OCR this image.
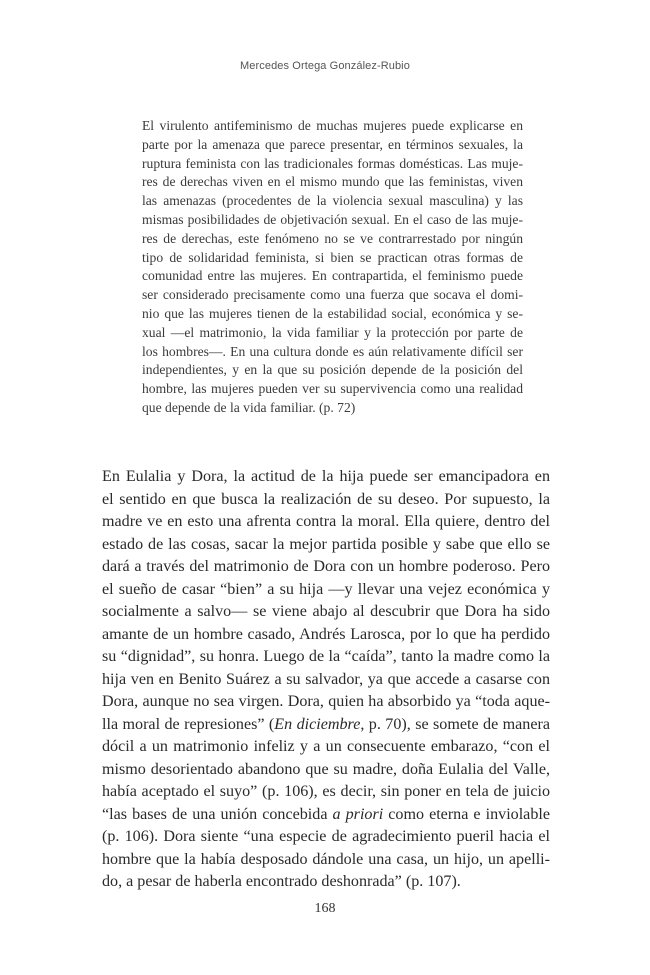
Mercedes Ortega González-Rubio
El virulento antifeminismo de muchas mujeres puede explicarse en
parte por la amenaza que parece presentar, en términos sexuales, la
ruptura feminista con las tradicionales formas domésticas. Las muje-
res de derechas viven en el mismo mundo que las feministas, viven
las amenazas (procedentes de la violencia sexual masculina) y las
mismas posibilidades de objetivación sexual. En el caso de las muje-
res de derechas, este fenómeno no se ve contrarrestado por ningún
tipo de solidaridad feminista, si bien se practican otras formas de
comunidad entre las mujeres. En contrapartida, el feminismo puede
ser considerado precisamente como una fuerza que socava el domi-
nio que las mujeres tienen de la estabilidad social, económica y se-
xual —el matrimonio, la vida familiar y la protección por parte de
los hombres—. En una cultura donde es aún relativamente difícil ser
independientes, y en la que su posición depende de la posición del
hombre, las mujeres pueden ver su supervivencia como una realidad
que depende de la vida familiar. (p. 72)
En Eulalia y Dora, la actitud de la hija puede ser emancipadora en
el sentido en que busca la realización de su deseo. Por supuesto, la
madre ve en esto una afrenta contra la moral. Ella quiere, dentro del
estado de las cosas, sacar la mejor partida posible y sabe que ello se
dará a través del matrimonio de Dora con un hombre poderoso. Pero
el sueño de casar “bien” a su hija —y llevar una vejez económica y
socialmente a salvo— se viene abajo al descubrir que Dora ha sido
amante de un hombre casado, Andrés Larosca, por lo que ha perdido
su “dignidad”, su honra. Luego de la “caída”, tanto la madre como la
hija ven en Benito Suárez a su salvador, ya que accede a casarse con
Dora, aunque no sea virgen. Dora, quien ha absorbido ya “toda aque-
lla moral de represiones” (En diciembre, p. 70), se somete de manera
dócil a un matrimonio infeliz y a un consecuente embarazo, “con el
mismo desorientado abandono que su madre, doña Eulalia del Valle,
había aceptado el suyo” (p. 106), es decir, sin poner en tela de juicio
“las bases de una unión concebida a priori como eterna e inviolable
(p. 106). Dora siente “una especie de agradecimiento pueril hacia el
hombre que la había desposado dándole una casa, un hijo, un apelli-
do, a pesar de haberla encontrado deshonrada” (p. 107).
168
